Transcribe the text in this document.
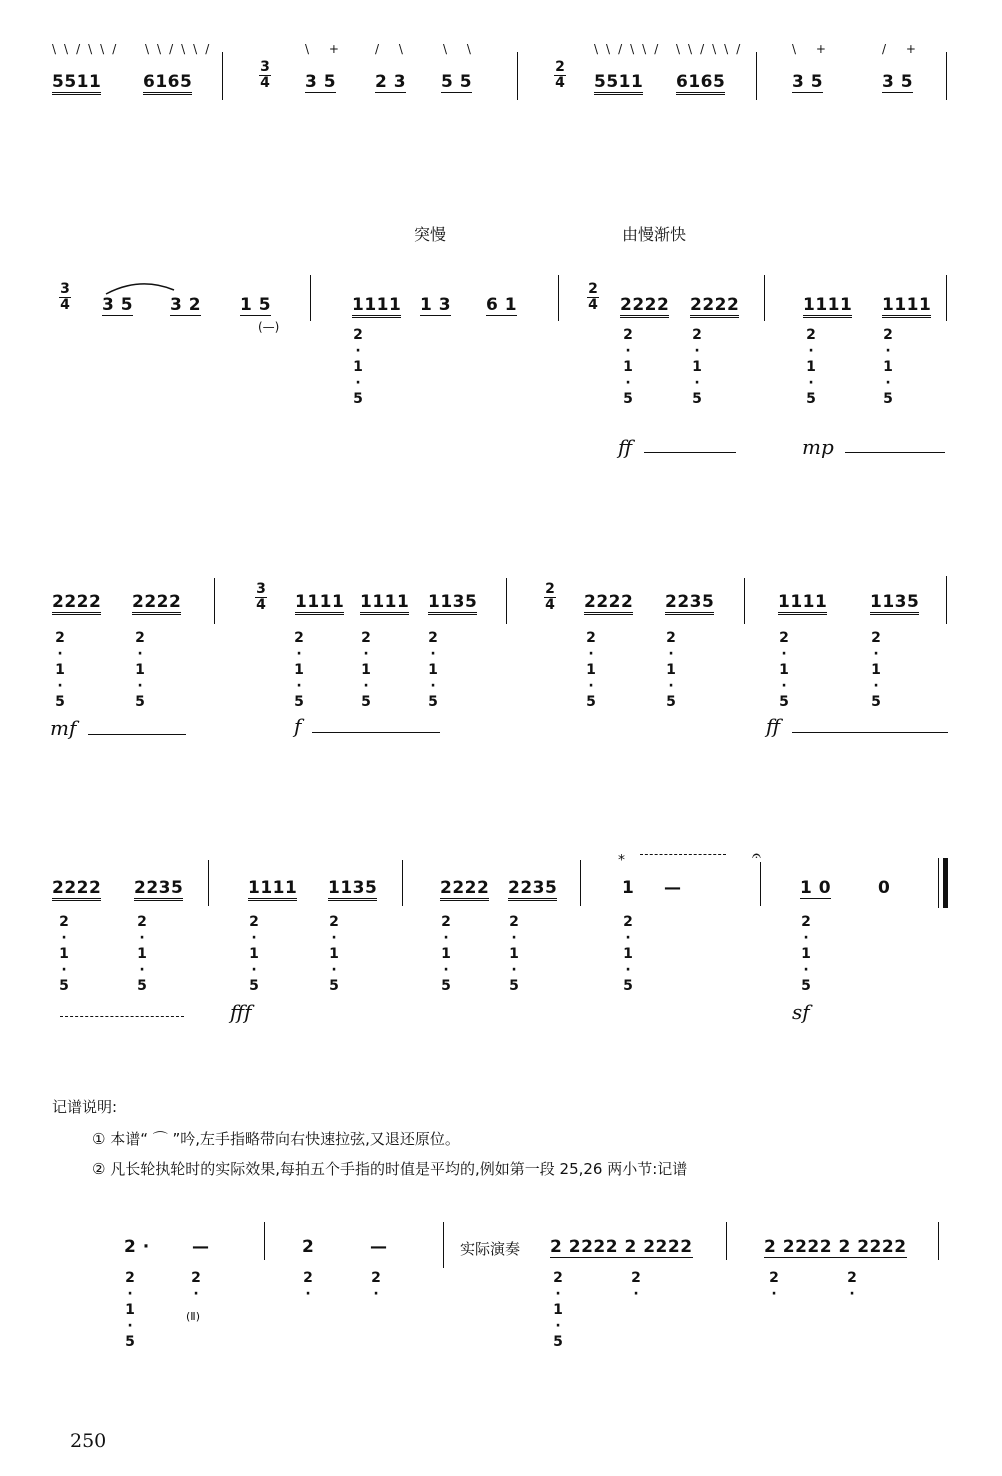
\\/\\/ \\/\\/
5511 6165
3
4
\ + / \	\ \
3 5 2 3 5 5
2
4
\\/\\/ \\/\\/
5511 6165
\ +	/ +
3 5	3 5
突慢	由慢渐快
3
4 3 5 3 2 1 5
(—)
1111 1 3 6 1
2
·
1
·
5
2
4 2222 2222
2
·
1
·
5
2
·
1
·
5
1111 1111
2
·
1
·
5
2
·
1
·
5
ff	mp
2222 2222
3
4 1111 1111 1135
2
4 2222 2235	1111	1135
2
·
1
·
5
2
·
1
·
5
2
·
1
·
5
2
·
1
·
5
2
·
1
·
5
2
·
1
·
5
2
·
1
·
5
2
·
1
·
5
2
·
1
·
5
mf	f	ff
2222 2235	1111 1135	2222 2235
⁎
1 —
𝄐
1 0	0
2
·
1
·
5
2
·
1
·
5
2
·
1
·
5
2
·
1
·
5
2
·
1
·
5
2
·
1
·
5
2
·
1
·
5
2
·
1
·
5
fff	sf
记谱说明:
① 本谱“ ⌒ ”吟,左手指略带向右快速拉弦,又退还原位。
② 凡长轮执轮时的实际效果,每拍五个手指的时值是平均的,例如第一段 25,26 两小节:记谱
2 · —	2	—
2
·
1
·
5
2
·
(Ⅱ)
2
·
2
·
实际演奏 2 2222 2 2222	2 2222 2 2222
2
·
1
·
5
2
·
2
·
2
·
250
